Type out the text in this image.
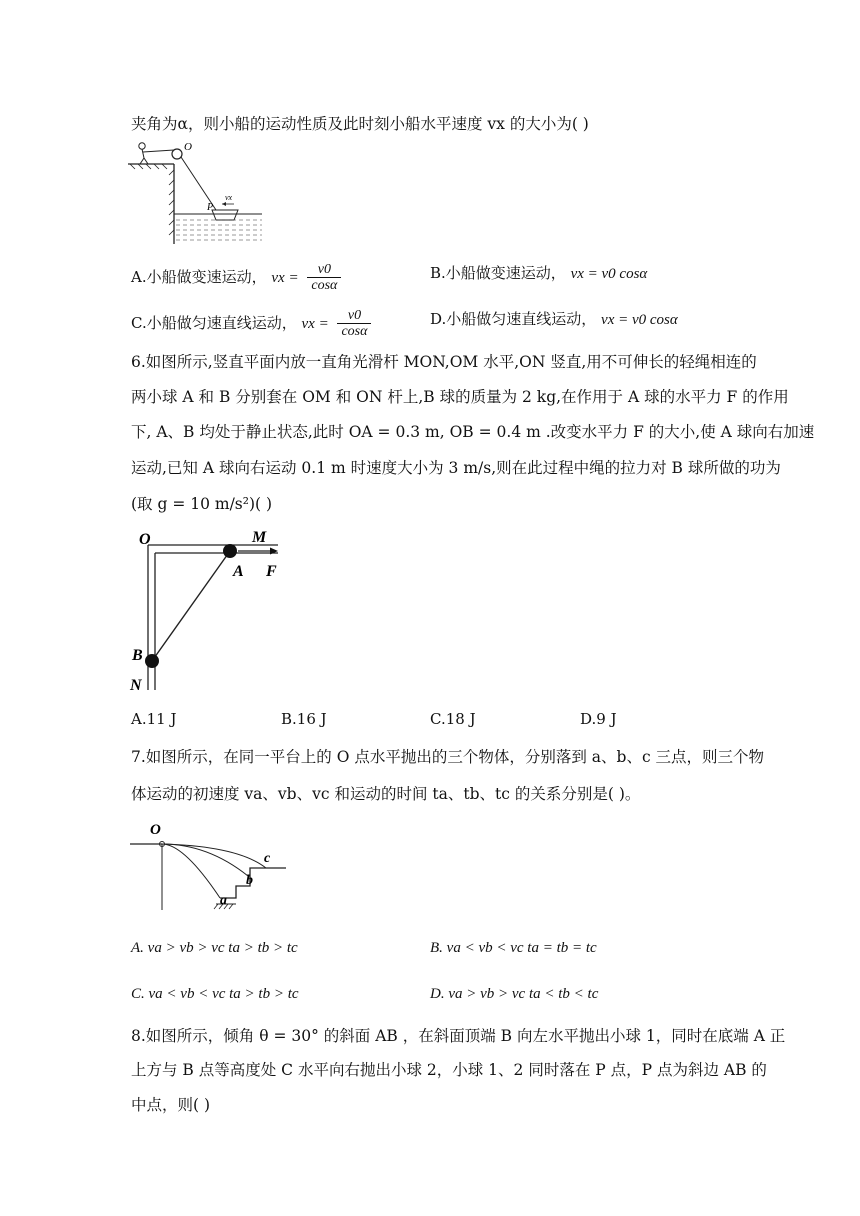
夹角为α，则小船的运动性质及此时刻小船水平速度 vx 的大小为( )
O
P
vx
A.小船做变速运动， vx = $\frac{v0}{\cos\alpha}$	B.小船做变速运动， vx = v0 cosα
C.小船做匀速直线运动， vx = $\frac{v0}{\cos\alpha}$	D.小船做匀速直线运动， vx = v0 cosα
6.如图所示,竖直平面内放一直角光滑杆 MON,OM 水平,ON 竖直,用不可伸长的轻绳相连的
两小球 A 和 B 分别套在 OM 和 ON 杆上,B 球的质量为 2 kg,在作用于 A 球的水平力 F 的作用
下, A、B 均处于静止状态,此时 OA = 0.3 m, OB = 0.4 m .改变水平力 F 的大小,使 A 球向右加速
运动,已知 A 球向右运动 0.1 m 时速度大小为 3 m/s,则在此过程中绳的拉力对 B 球所做的功为
(取 g = 10 m/s²)( )
O	M
A F
B
N
A.11 J	B.16 J	C.18 J	D.9 J
7.如图所示，在同一平台上的 O 点水平抛出的三个物体，分别落到 a、b、c 三点，则三个物
体运动的初速度 va、vb、vc 和运动的时间 ta、tb、tc 的关系分别是( )。
O
a
b
c
A. va > vb > vc ta > tb > tc	B. va < vb < vc ta = tb = tc
C. va < vb < vc ta > tb > tc	D. va > vb > vc ta < tb < tc
8.如图所示，倾角 θ = 30° 的斜面 AB ，在斜面顶端 B 向左水平抛出小球 1，同时在底端 A 正
上方与 B 点等高度处 C 水平向右抛出小球 2，小球 1、2 同时落在 P 点，P 点为斜边 AB 的
中点，则( )
